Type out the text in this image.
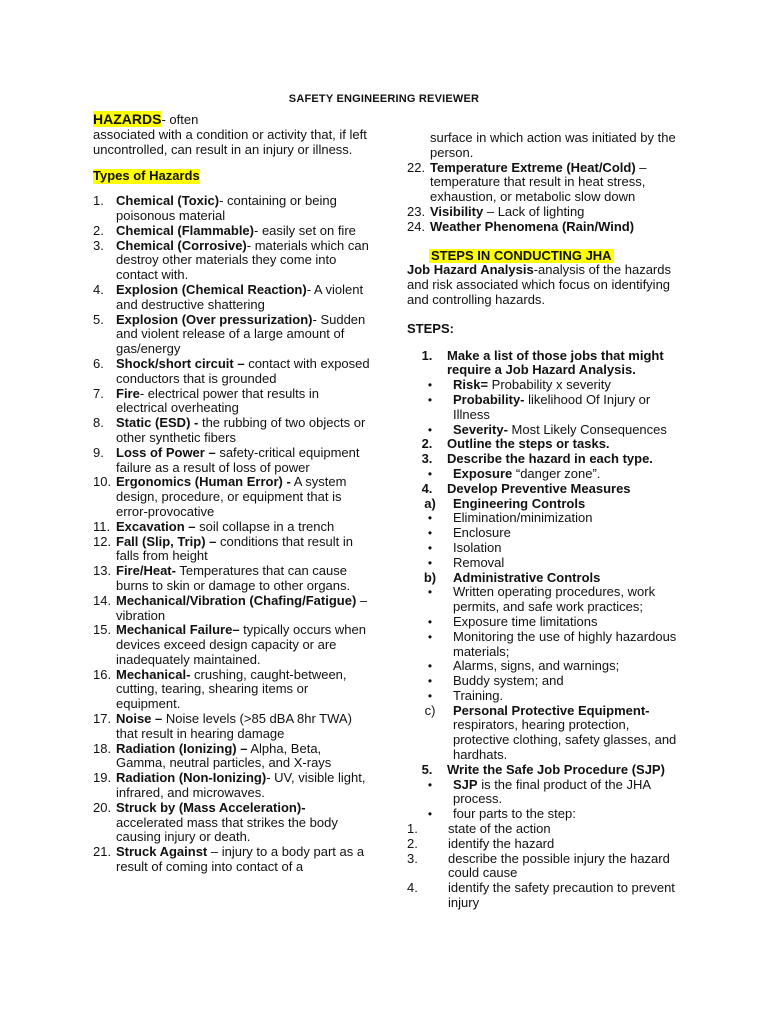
SAFETY ENGINEERING REVIEWER
HAZARDS- often
associated with a condition or activity that, if left uncontrolled, can result in an injury or illness.
Types of Hazards
1. Chemical (Toxic)- containing or being poisonous material
2. Chemical (Flammable)- easily set on fire
3. Chemical (Corrosive)- materials which can destroy other materials they come into contact with.
4. Explosion (Chemical Reaction)- A violent and destructive shattering
5. Explosion (Over pressurization)- Sudden and violent release of a large amount of gas/energy
6. Shock/short circuit – contact with exposed conductors that is grounded
7. Fire- electrical power that results in electrical overheating
8. Static (ESD) - the rubbing of two objects or other synthetic fibers
9. Loss of Power – safety-critical equipment failure as a result of loss of power
10. Ergonomics (Human Error) - A system design, procedure, or equipment that is error-provocative
11. Excavation – soil collapse in a trench
12. Fall (Slip, Trip) – conditions that result in falls from height
13. Fire/Heat- Temperatures that can cause burns to skin or damage to other organs.
14. Mechanical/Vibration (Chafing/Fatigue) – vibration
15. Mechanical Failure– typically occurs when devices exceed design capacity or are inadequately maintained.
16. Mechanical- crushing, caught-between, cutting, tearing, shearing items or equipment.
17. Noise – Noise levels (>85 dBA 8hr TWA) that result in hearing damage
18. Radiation (Ionizing) – Alpha, Beta, Gamma, neutral particles, and X-rays
19. Radiation (Non-Ionizing)- UV, visible light, infrared, and microwaves.
20. Struck by (Mass Acceleration)- accelerated mass that strikes the body causing injury or death.
21. Struck Against – injury to a body part as a result of coming into contact of a
surface in which action was initiated by the person.
22. Temperature Extreme (Heat/Cold) – temperature that result in heat stress, exhaustion, or metabolic slow down
23. Visibility – Lack of lighting
24. Weather Phenomena (Rain/Wind)
STEPS IN CONDUCTING JHA
Job Hazard Analysis-analysis of the hazards and risk associated which focus on identifying and controlling hazards.
STEPS:
1.	Make a list of those jobs that might require a Job Hazard Analysis.
•	Risk= Probability x severity
•	Probability- likelihood Of Injury or Illness
•	Severity- Most Likely Consequences
2.	Outline the steps or tasks.
3.	Describe the hazard in each type.
•	Exposure “danger zone”.
4.	Develop Preventive Measures
a)	Engineering Controls
•	Elimination/minimization
•	Enclosure
•	Isolation
•	Removal
b)	Administrative Controls
•	Written operating procedures, work permits, and safe work practices;
•	Exposure time limitations
•	Monitoring the use of highly hazardous materials;
•	Alarms, signs, and warnings;
•	Buddy system; and
•	Training.
c)	Personal Protective Equipment- respirators, hearing protection, protective clothing, safety glasses, and hardhats.
5.	Write the Safe Job Procedure (SJP)
•	SJP is the final product of the JHA process.
•	four parts to the step:
1.	state of the action
2.	identify the hazard
3.	describe the possible injury the hazard could cause
4.	identify the safety precaution to prevent injury
